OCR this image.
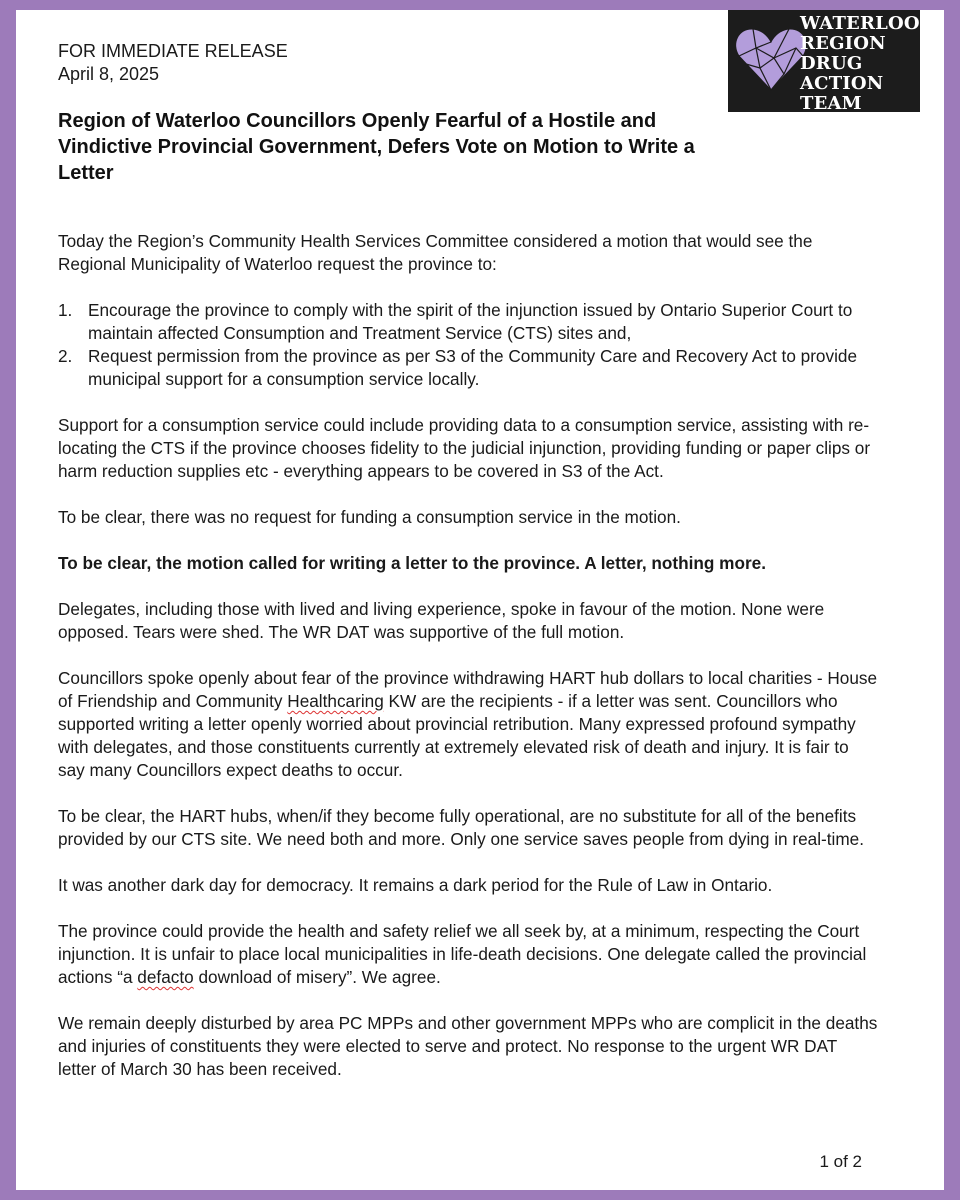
FOR IMMEDIATE RELEASE
April 8, 2025
WATERLOO
REGION
DRUG
ACTION
TEAM
Region of Waterloo Councillors Openly Fearful of a Hostile and Vindictive Provincial Government, Defers Vote on Motion to Write a Letter

Today the Region’s Community Health Services Committee considered a motion that would see the Regional Municipality of Waterloo request the province to:

1. Encourage the province to comply with the spirit of the injunction issued by Ontario Superior Court to maintain affected Consumption and Treatment Service (CTS) sites and,
2. Request permission from the province as per S3 of the Community Care and Recovery Act to provide municipal support for a consumption service locally.

Support for a consumption service could include providing data to a consumption service, assisting with re-locating the CTS if the province chooses fidelity to the judicial injunction, providing funding or paper clips or harm reduction supplies etc - everything appears to be covered in S3 of the Act.

To be clear, there was no request for funding a consumption service in the motion.

To be clear, the motion called for writing a letter to the province. A letter, nothing more.

Delegates, including those with lived and living experience, spoke in favour of the motion. None were opposed. Tears were shed. The WR DAT was supportive of the full motion.

Councillors spoke openly about fear of the province withdrawing HART hub dollars to local charities - House of Friendship and Community Healthcaring KW are the recipients - if a letter was sent. Councillors who supported writing a letter openly worried about provincial retribution. Many expressed profound sympathy with delegates, and those constituents currently at extremely elevated risk of death and injury. It is fair to say many Councillors expect deaths to occur.

To be clear, the HART hubs, when/if they become fully operational, are no substitute for all of the benefits provided by our CTS site. We need both and more. Only one service saves people from dying in real-time.

It was another dark day for democracy. It remains a dark period for the Rule of Law in Ontario.

The province could provide the health and safety relief we all seek by, at a minimum, respecting the Court injunction. It is unfair to place local municipalities in life-death decisions. One delegate called the provincial actions “a defacto download of misery”. We agree.

We remain deeply disturbed by area PC MPPs and other government MPPs who are complicit in the deaths and injuries of constituents they were elected to serve and protect. No response to the urgent WR DAT letter of March 30 has been received.

1 of 2
